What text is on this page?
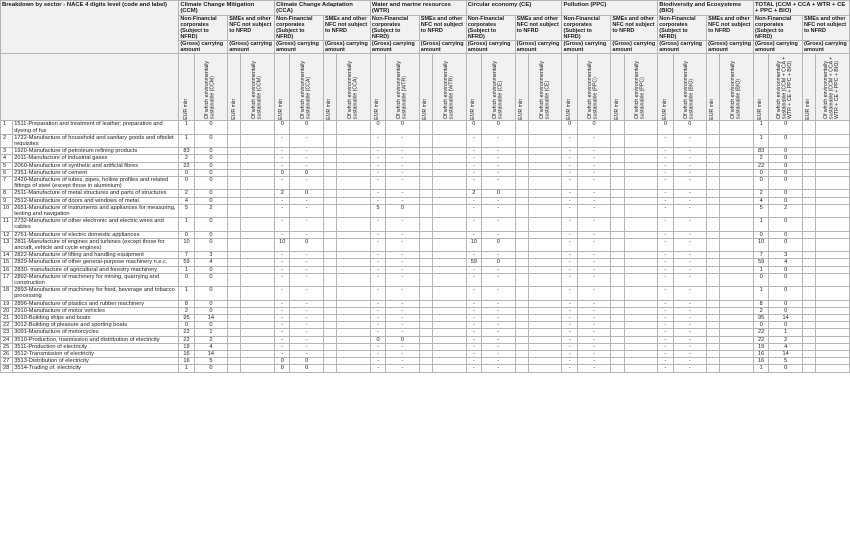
Breakdown by sector - NACE 4 digits level (code and label)		Climate Change Mitigation (CCM)				Climate Change Adaptation (CCA)				Water and marine resources (WTR)				Circular economy (CE)				Pollution (PPC)				Biodiversity and Ecosystems (BIO)				TOTAL (CCM + CCA + WTR + CE + PPC + BIO)			
		Non-Financial corporates (Subject to NFRD)		SMEs and other NFC not subject to NFRD		Non-Financial corporates (Subject to NFRD)		SMEs and other NFC not subject to NFRD		Non-Financial corporates (Subject to NFRD)		SMEs and other NFC not subject to NFRD		Non-Financial corporates (Subject to NFRD)		SMEs and other NFC not subject to NFRD		Non-Financial corporates (Subject to NFRD)		SMEs and other NFC not subject to NFRD		Non-Financial corporates (Subject to NFRD)		SMEs and other NFC not subject to NFRD		Non-Financial corporates (Subject to NFRD)		SMEs and other NFC not subject to NFRD	
		(Gross) carrying amount		(Gross) carrying amount		(Gross) carrying amount		(Gross) carrying amount		(Gross) carrying amount		(Gross) carrying amount		(Gross) carrying amount		(Gross) carrying amount		(Gross) carrying amount		(Gross) carrying amount		(Gross) carrying amount		(Gross) carrying amount		(Gross) carrying amount		(Gross) carrying amount	

		EUR mln	Of which environmentally sustainable (CCM)	EUR mln	Of which environmentally sustainable (CCM)	EUR mln	Of which environmentally sustainable (CCA)	EUR mln	Of which environmentally sustainable (CCA)	EUR mln	Of which environmentally sustainable (WTR)	EUR mln	Of which environmentally sustainable (WTR)	EUR mln	Of which environmentally sustainable (CE)	EUR mln	Of which environmentally sustainable (CE)	EUR mln	Of which environmentally sustainable (PPC)	EUR mln	Of which environmentally sustainable (PPC)	EUR mln	Of which environmentally sustainable (BIO)	EUR mln	Of which environmentally sustainable (BIO)	EUR mln	Of which environmentally sustainable (CCM + CCA + WTR + CE + PPC + BIO)	EUR mln	Of which environmentally sustainable (CCM + CCA + WTR + CE + PPC + BIO)

1	1511-Preparation and treatment of leather; preparation and dyeing of fus	1	0			0	0			0	0			0	0			0	0			0	0			1	0		
2	1722-Manufacture of household and sanitary goods and oftoilet requisites	1	0			-	-			-	-			-	-			-	-			-	-			1	0		
3	1920-Manufacture of petroleum refining products	83	0			-	-			-	-			-	-			-	-			-	-			83	0		
4	2011-Manufacture of industrial gases	2	0			-	-			-	-			-	-			-	-			-	-			2	0		
5	2060-Manufacture of synthetic and artificial fibres	22	0			-	-			-	-			-	-			-	-			-	-			22	0		
6	2351-Manufacture of cement	0	0			0	0			-	-			-	-			-	-			-	-			0	0		
7	2420-Manufacture of tubes, pipes, hollow profiles and related fittings of steel (except those in aluminium)	0	0			-	-			-	-			-	-			-	-			-	-			0	0		
8	2511-Manufacture of metal structures and parts of structures	2	0			2	0			-	-			2	0			-	-			-	-			2	0		
9	2512-Manufacture of doors and windows of metal	4	0			-	-			-	-			-	-			-	-			-	-			4	0		
10	2651-Manufacture of instruments and appliances for measuring, testing and navigation	5	2			-	-			5	0			-	-			-	-			-	-			5	2		
11	2732-Manufacture of other electronic and electric wires and cables	1	0			-	-			-	-			-	-			-	-			-	-			1	0		
12	2751-Manufacture of electric domestic appliances	0	0			-	-			-	-			-	-			-	-			-	-			0	0		
13	2811-Manufacture of engines and turbines (except those for aircraft, vehicle and cycle engines)	10	0			10	0			-	-			10	0			-	-			-	-			10	0		
14	2822-Manufacture of lifting and handling equipment	7	3			-	-			-	-			-	-			-	-			-	-			7	3		
15	2829-Manufacture of other general-purpose machinery n.e.c.	59	4			-	-			-	-			59	0			-	-			-	-			59	4		
16	2830- manufacture of agricultural and forestry machinery	1	0			-	-			-	-			-	-			-	-			-	-			1	0		
17	2892-Manufacture of machinery for mining, quarrying and construction	0	0			-	-			-	-			-	-			-	-			-	-			0	0		
18	2893-Manufacture of machinery for food, beverage and tobacco processing	1	0			-	-			-	-			-	-			-	-			-	-			1	0		
19	2896-Manufacture of plastics and rubber machinery	8	0			-	-			-	-			-	-			-	-			-	-			8	0		
20	2910-Manufacture of motor vehicles	2	0			-	-			-	-			-	-			-	-			-	-			2	0		
21	3010-Building ships and boats	95	14			-	-			-	-			-	-			-	-			-	-			95	14		
22	3012-Building of pleasure and sporting boats	0	0			-	-			-	-			-	-			-	-			-	-			0	0		
23	3091-Manufacture of motorcycles	22	1			-	-			-	-			-	-			-	-			-	-			22	1		
24	3510-Production, trasmission and distribution of electricity	22	2			-	-			0	0			-	-			-	-			-	-			22	2		
25	3511-Production of electricity	19	4			-	-			-	-			-	-			-	-			-	-			19	4		
26	3512-Transmission of electricity	16	14			-	-			-	-			-	-			-	-			-	-			16	14		
27	3513-Distribution of electricity	16	5			0	0			-	-			-	-			-	-			-	-			16	5		
28	3514-Trading of. electricity	1	0			0	0			-	-			-	-			-	-			-	-			1	0		
